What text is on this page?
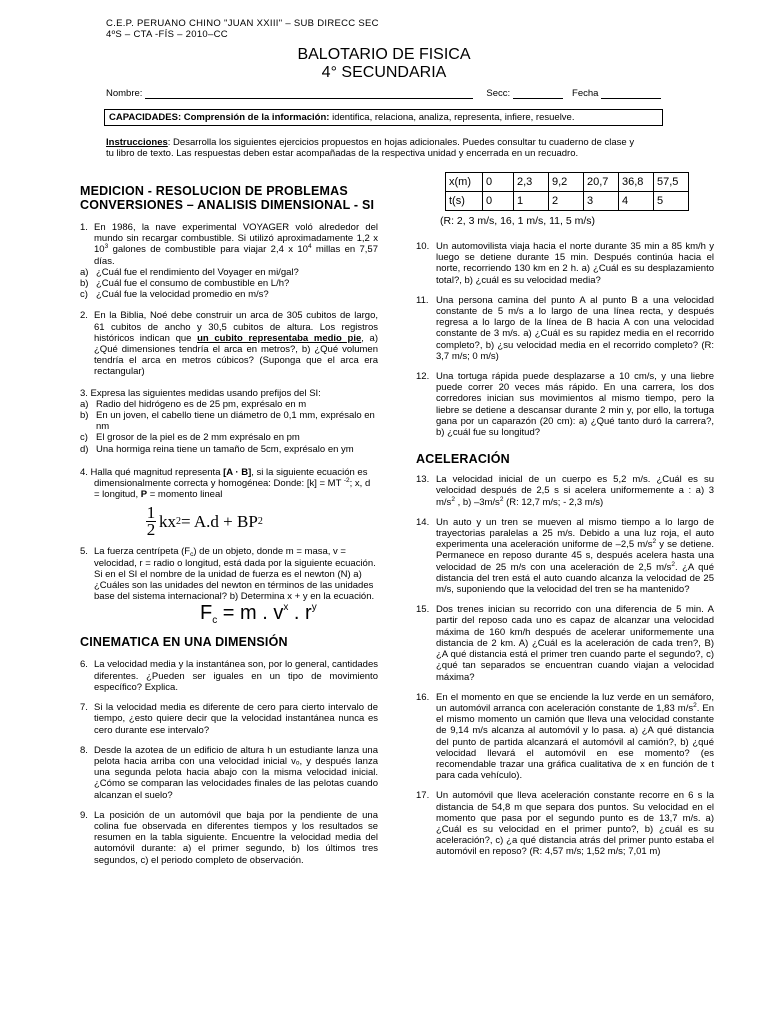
C.E.P. PERUANO CHINO "JUAN XXIII" – SUB DIRECC SEC
4ºS – CTA -FÍS – 2010–CC
BALOTARIO DE FISICA
4° SECUNDARIA
Nombre:	Secc:	Fecha
CAPACIDADES: Comprensión de la información: identifica, relaciona, analiza, representa, infiere, resuelve.
Instrucciones: Desarrolla los siguientes ejercicios propuestos en hojas adicionales. Puedes consultar tu cuaderno de clase y tu libro de texto. Las respuestas deben estar acompañadas de la respectiva unidad y encerrada en un recuadro.
MEDICION - RESOLUCION DE PROBLEMAS CONVERSIONES – ANALISIS DIMENSIONAL - SI
1. En 1986, la nave experimental VOYAGER voló alrededor del mundo sin recargar combustible. Si utilizó aproximadamente 1,2 x $10^3$ galones de combustible para viajar 2,4 x $10^4$ millas en 7,57 días.
a) ¿Cuál fue el rendimiento del Voyager en mi/gal?
b) ¿Cuál fue el consumo de combustible en L/h?
c) ¿Cuál fue la velocidad promedio en m/s?
2. En la Biblia, Noé debe construir un arca de 305 cubitos de largo, 61 cubitos de ancho y 30,5 cubitos de altura. Los registros históricos indican que un cubito representaba medio pie, a) ¿Qué dimensiones tendría el arca en metros?, b) ¿Qué volumen tendría el arca en metros cúbicos? (Suponga que el arca era rectangular)
3. Expresa las siguientes medidas usando prefijos del SI:
a) Radio del hidrógeno es de 25 pm, exprésalo en m
b) En un joven, el cabello tiene un diámetro de 0,1 mm, exprésalo en nm
c) El grosor de la piel es de 2 mm exprésalo en pm
d) Una hormiga reina tiene un tamaño de 5cm, exprésalo en ym
4. Halla qué magnitud representa [A · B], si la siguiente ecuación es dimensionalmente correcta y homogénea: Donde: [k] = MT $^{-2}$; x, d = longitud, P = momento lineal
1
2 kx 2 = A.d + BP 2
5. La fuerza centrípeta $(F_c)$ de un objeto, donde m = masa, v = velocidad, r = radio o longitud, está dada por la siguiente ecuación. Si en el SI el nombre de la unidad de fuerza es el newton (N) a) ¿Cuáles son las unidades del newton en términos de las unidades base del sistema internacional? b) Determina x + y en la ecuación.
$F_c = m$ . $v^x$ . $r^y$
CINEMATICA EN UNA DIMENSIÓN
6. La velocidad media y la instantánea son, por lo general, cantidades diferentes. ¿Pueden ser iguales en un tipo de movimiento específico? Explica.
7. Si la velocidad media es diferente de cero para cierto intervalo de tiempo, ¿esto quiere decir que la velocidad instantánea nunca es cero durante ese intervalo?
8. Desde la azotea de un edificio de altura h un estudiante lanza una pelota hacia arriba con una velocidad inicial vₒ, y después lanza una segunda pelota hacia abajo con la misma velocidad inicial. ¿Cómo se comparan las velocidades finales de las pelotas cuando alcanzan el suelo?
9. La posición de un automóvil que baja por la pendiente de una colina fue observada en diferentes tiempos y los resultados se resumen en la tabla siguiente. Encuentre la velocidad media del automóvil durante: a) el primer segundo, b) los últimos tres segundos, c) el periodo completo de observación.
x(m)	0	2,3	9,2	20,7	36,8	57,5
t(s)	0	1	2	3	4	5
(R: 2, 3 m/s, 16, 1 m/s, 11, 5 m/s)
10. Un automovilista viaja hacia el norte durante 35 min a 85 km/h y luego se detiene durante 15 min. Después continúa hacia el norte, recorriendo 130 km en 2 h. a) ¿Cuál es su desplazamiento total?, b) ¿cuál es su velocidad media?
11. Una persona camina del punto A al punto B a una velocidad constante de 5 m/s a lo largo de una línea recta, y después regresa a lo largo de la línea de B hacia A con una velocidad constante de 3 m/s. a) ¿Cuál es su rapidez media en el recorrido completo?, b) ¿su velocidad media en el recorrido completo? (R: 3,7 m/s; 0 m/s)
12. Una tortuga rápida puede desplazarse a 10 cm/s, y una liebre puede correr 20 veces más rápido. En una carrera, los dos corredores inician sus movimientos al mismo tiempo, pero la liebre se detiene a descansar durante 2 min y, por ello, la tortuga gana por un caparazón (20 cm): a) ¿Qué tanto duró la carrera?, b) ¿cuál fue su longitud?
ACELERACIÓN
13. La velocidad inicial de un cuerpo es 5,2 m/s. ¿Cuál es su velocidad después de 2,5 s si acelera uniformemente a : a) 3 $m/s^2$ , b) $-3m/s^2$ (R: 12,7 m/s; - 2,3 m/s)
14. Un auto y un tren se mueven al mismo tiempo a lo largo de trayectorias paralelas a 25 m/s. Debido a una luz roja, el auto experimenta una aceleración uniforme de –2,5 $m/s^2$ y se detiene. Permanece en reposo durante 45 s, después acelera hasta una velocidad de 25 m/s con una aceleración de 2,5 $m/s^2$. ¿A qué distancia del tren está el auto cuando alcanza la velocidad de 25 m/s, suponiendo que la velocidad del tren se ha mantenido?
15. Dos trenes inician su recorrido con una diferencia de 5 min. A partir del reposo cada uno es capaz de alcanzar una velocidad máxima de 160 km/h después de acelerar uniformemente una distancia de 2 km. A) ¿Cuál es la aceleración de cada tren?, B) ¿A qué distancia está el primer tren cuando parte el segundo?, c) ¿qué tan separados se encuentran cuando viajan a velocidad máxima?
16. En el momento en que se enciende la luz verde en un semáforo, un automóvil arranca con aceleración constante de 1,83 $m/s^2$. En el mismo momento un camión que lleva una velocidad constante de 9,14 m/s alcanza al automóvil y lo pasa. a) ¿A qué distancia del punto de partida alcanzará el automóvil al camión?, b) ¿qué velocidad llevará el automóvil en ese momento? (es recomendable trazar una gráfica cualitativa de x en función de t para cada vehículo).
17. Un automóvil que lleva aceleración constante recorre en 6 s la distancia de 54,8 m que separa dos puntos. Su velocidad en el momento que pasa por el segundo punto es de 13,7 m/s. a) ¿Cuál es su velocidad en el primer punto?, b) ¿cuál es su aceleración?, c) ¿a qué distancia atrás del primer punto estaba el automóvil en reposo? (R: 4,57 m/s; 1,52 m/s; 7,01 m)
